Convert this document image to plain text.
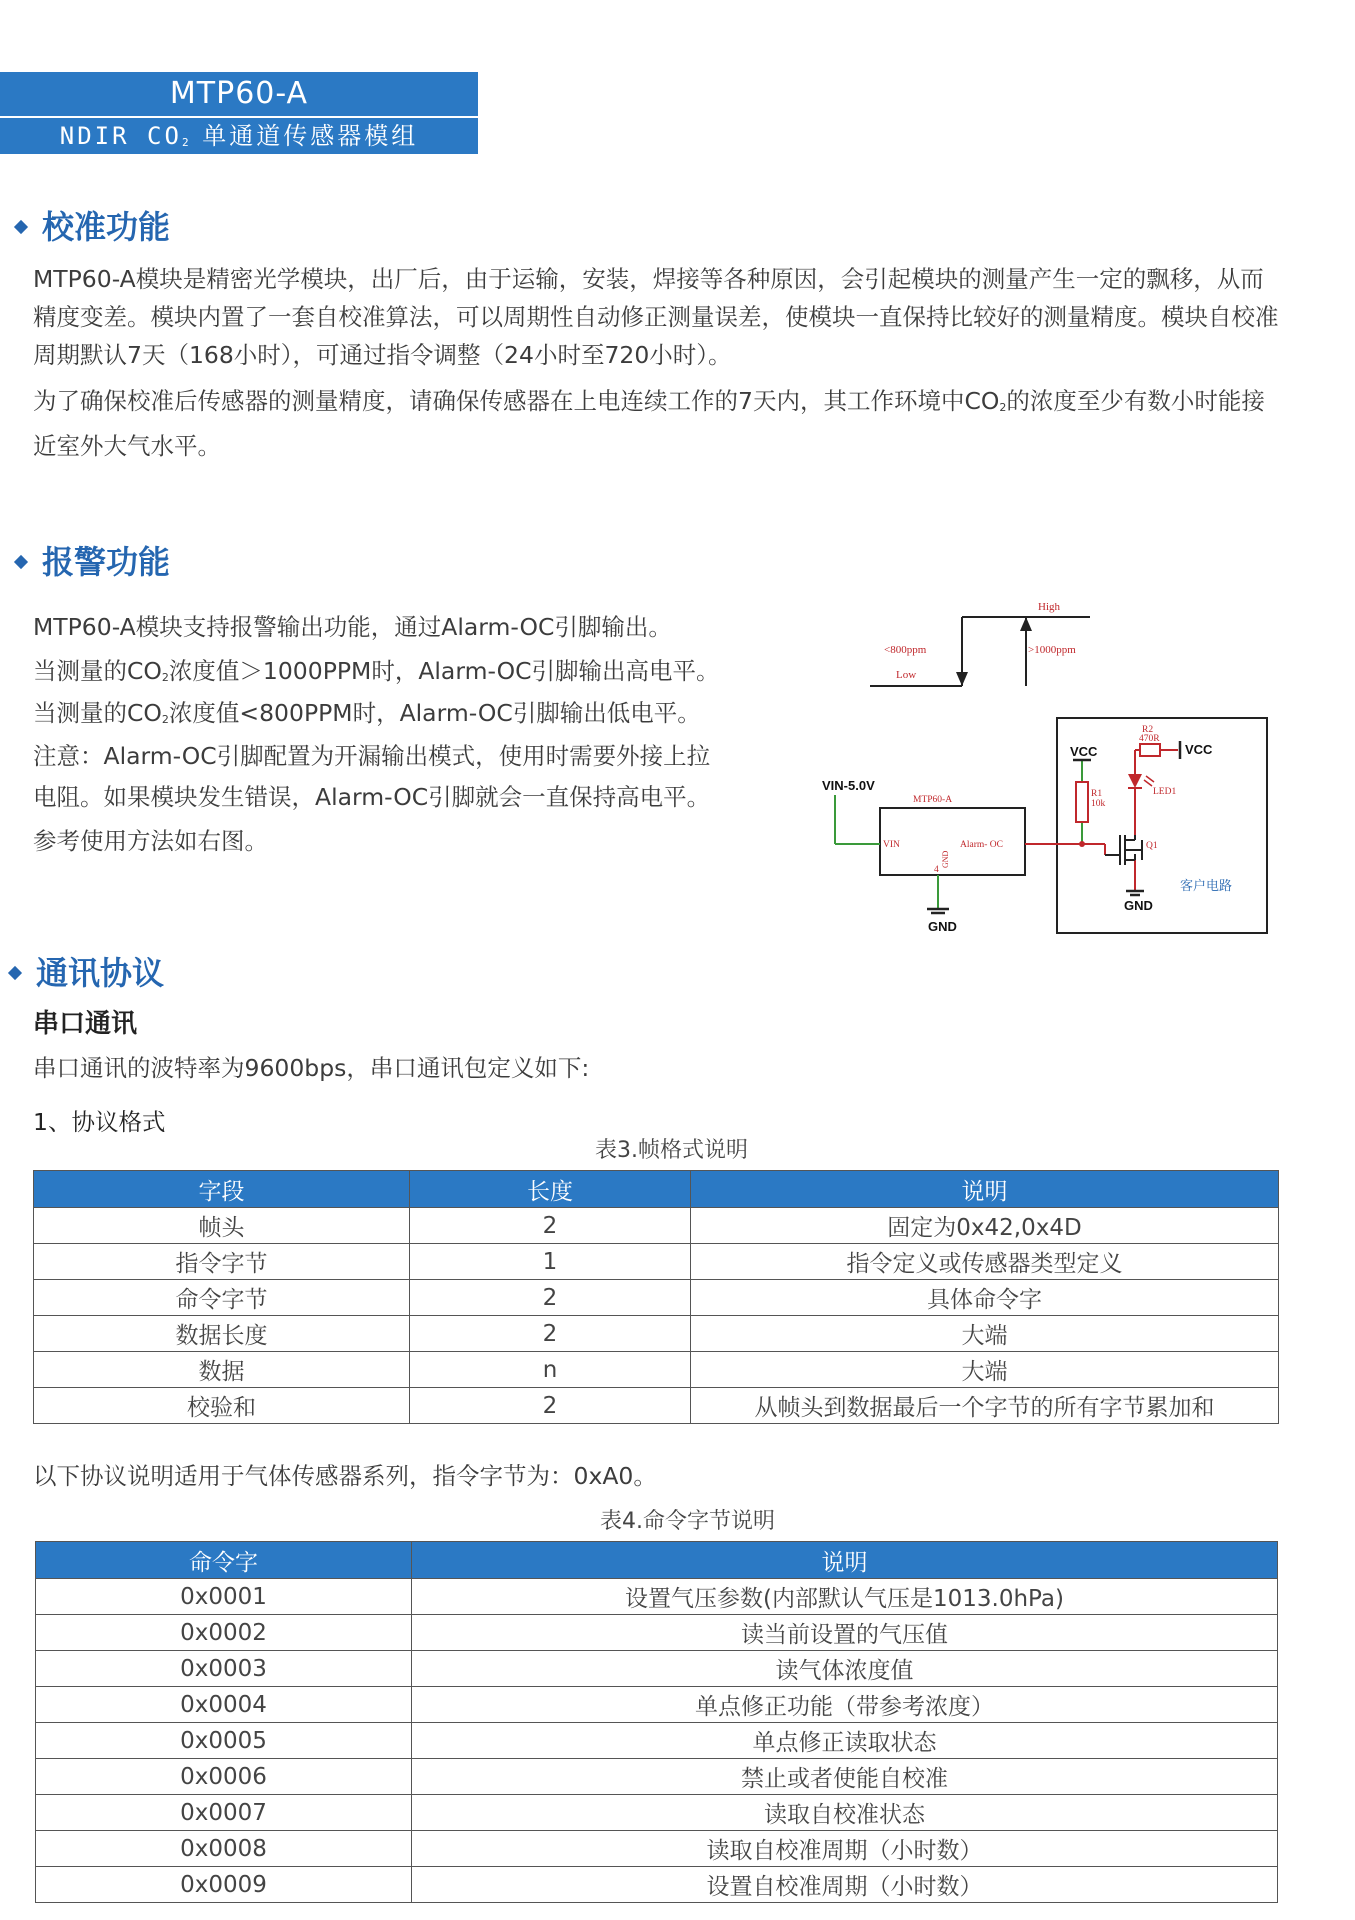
MTP60-A
NDIR $CO_2$ 单通道传感器模组
校准功能
MTP60-A模块是精密光学模块，出厂后，由于运输，安装，焊接等各种原因，会引起模块的测量产生一定的飘移，从而精度变差。模块内置了一套自校准算法，可以周期性自动修正测量误差，使模块一直保持比较好的测量精度。模块自校准周期默认7天（168小时），可通过指令调整（24小时至720小时）。
为了确保校准后传感器的测量精度，请确保传感器在上电连续工作的7天内，其工作环境中$CO_2$的浓度至少有数小时能接近室外大气水平。
报警功能
MTP60-A模块支持报警输出功能，通过Alarm-OC引脚输出。
当测量的$CO_2$浓度值＞1000PPM时，Alarm-OC引脚输出高电平。
当测量的$CO_2$浓度值<800PPM时，Alarm-OC引脚输出低电平。
注意：Alarm-OC引脚配置为开漏输出模式，使用时需要外接上拉
电阻。如果模块发生错误，Alarm-OC引脚就会一直保持高电平。
参考使用方法如右图。
High
Low
<800ppm	>1000ppm
VIN-5.0V
VCC	VCC
GND
GND
MTP60-A
VIN	Alarm- OC
4
R1
10k
R2
470R
LED1
Q1
GND
客户电路
通讯协议
串口通讯
串口通讯的波特率为9600bps，串口通讯包定义如下:
1、协议格式
表3.帧格式说明
字段	长度	说明
帧头	2	固定为0x42,0x4D
指令字节	1	指令定义或传感器类型定义
命令字节	2	具体命令字
数据长度	2	大端
数据	n	大端
校验和	2	从帧头到数据最后一个字节的所有字节累加和
以下协议说明适用于气体传感器系列，指令字节为：0xA0。
表4.命令字节说明
命令字	说明
0x0001	设置气压参数(内部默认气压是1013.0hPa)
0x0002	读当前设置的气压值
0x0003	读气体浓度值
0x0004	单点修正功能（带参考浓度）
0x0005	单点修正读取状态
0x0006	禁止或者使能自校准
0x0007	读取自校准状态
0x0008	读取自校准周期（小时数）
0x0009	设置自校准周期（小时数）
